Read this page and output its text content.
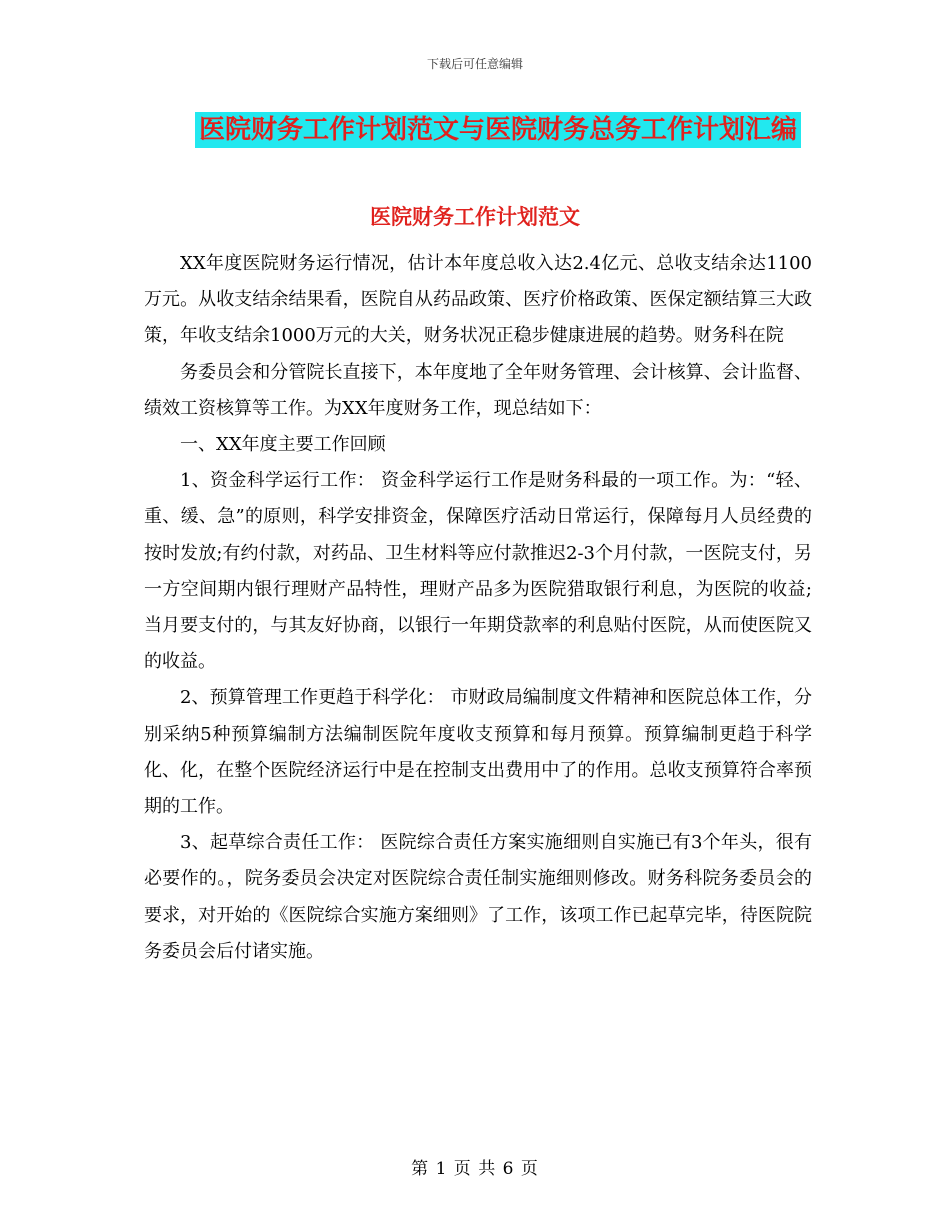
下载后可任意编辑
医院财务工作计划范文与医院财务总务工作计划汇编
医院财务工作计划范文

XX年度医院财务运行情况，估计本年度总收入达2.4亿元、总收支结余达1100万元。从收支结余结果看，医院自从药品政策、医疗价格政策、医保定额结算三大政策，年收支结余1000万元的大关，财务状况正稳步健康进展的趋势。财务科在院

务委员会和分管院长直接下，本年度地了全年财务管理、会计核算、会计监督、绩效工资核算等工作。为XX年度财务工作，现总结如下：

一、XX年度主要工作回顾

1、资金科学运行工作： 资金科学运行工作是财务科最的一项工作。为：“轻、重、缓、急”的原则，科学安排资金，保障医疗活动日常运行，保障每月人员经费的按时发放;有约付款，对药品、卫生材料等应付款推迟2-3个月付款，一医院支付，另一方空间期内银行理财产品特性，理财产品多为医院猎取银行利息，为医院的收益;当月要支付的，与其友好协商，以银行一年期贷款率的利息贴付医院，从而使医院又的收益。

2、预算管理工作更趋于科学化： 市财政局编制度文件精神和医院总体工作，分别采纳5种预算编制方法编制医院年度收支预算和每月预算。预算编制更趋于科学化、化，在整个医院经济运行中是在控制支出费用中了的作用。总收支预算符合率预期的工作。

3、起草综合责任工作： 医院综合责任方案实施细则自实施已有3个年头，很有必要作的。，院务委员会决定对医院综合责任制实施细则修改。财务科院务委员会的要求，对开始的《医院综合实施方案细则》了工作，该项工作已起草完毕，待医院院务委员会后付诸实施。

第 1 页 共 6 页
